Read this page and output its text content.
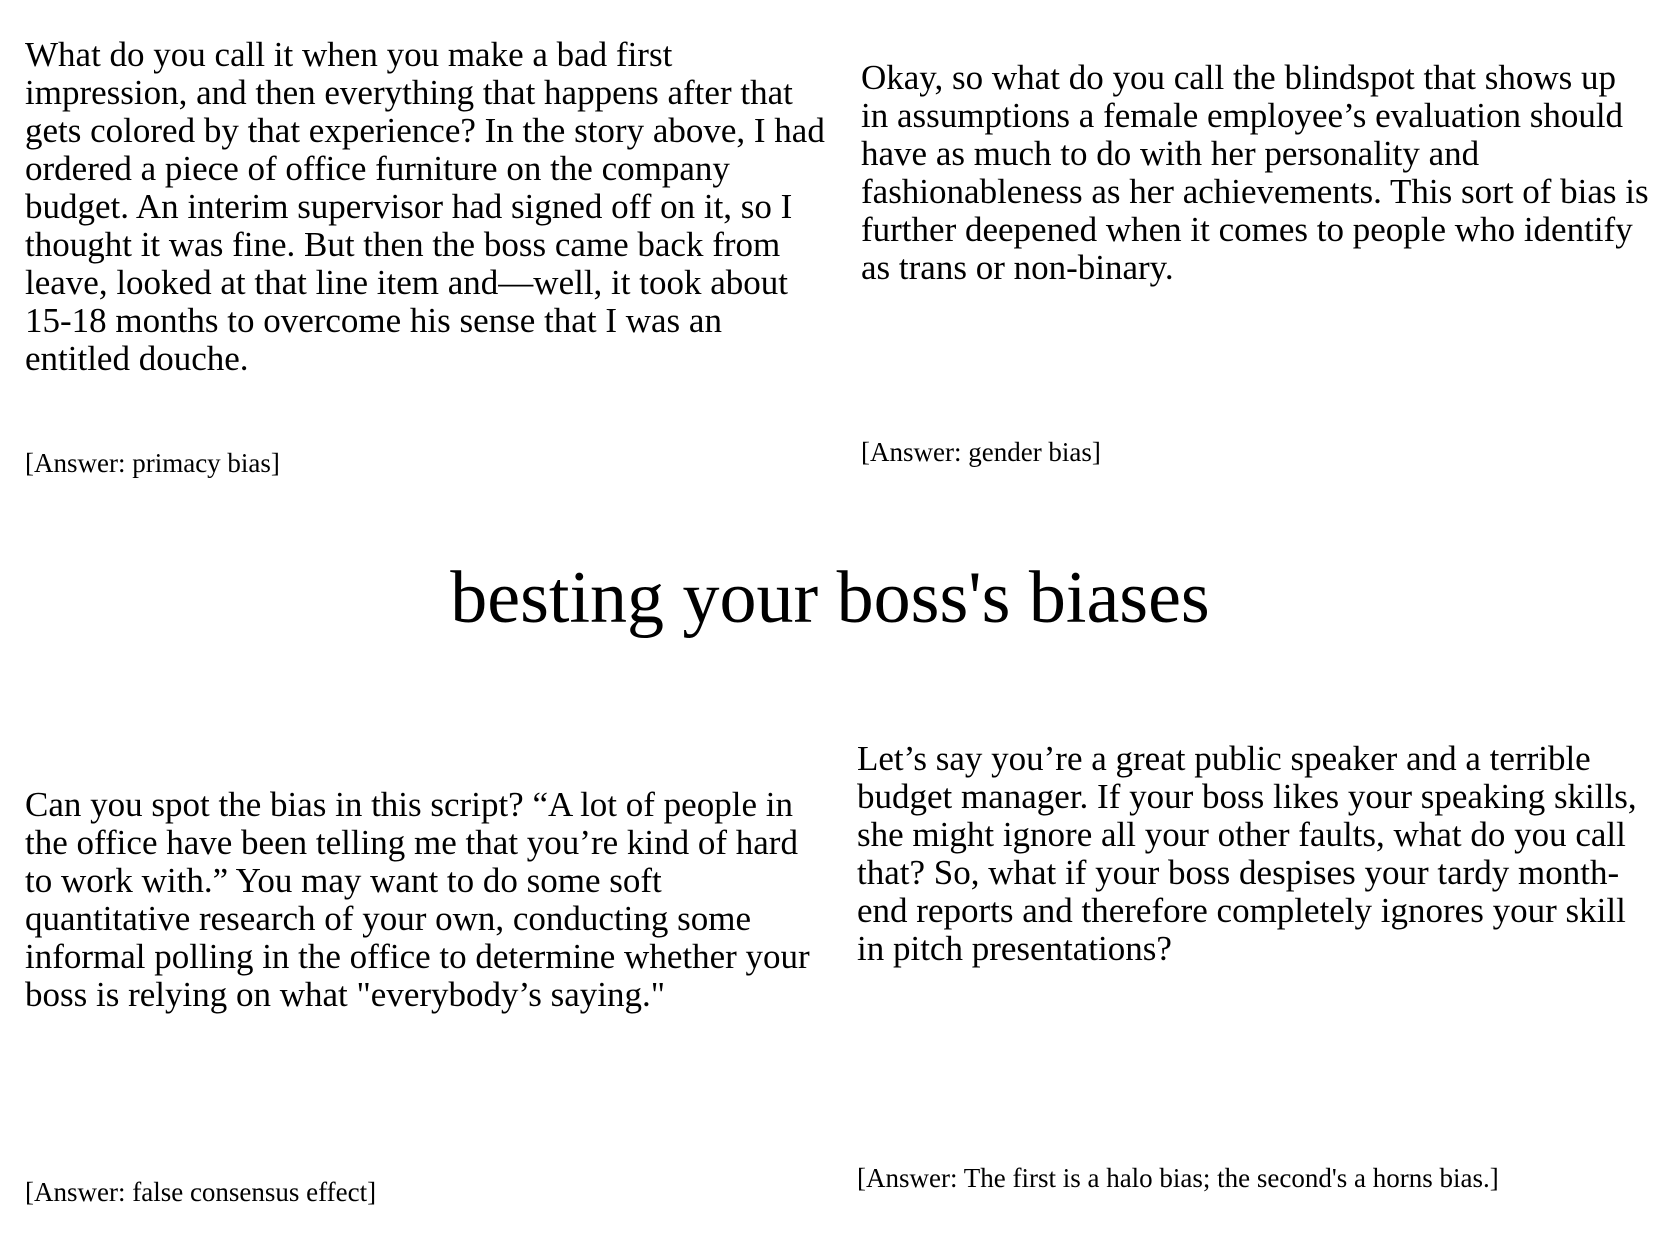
What do you call it when you make a bad first impression, and then everything that happens after that gets colored by that experience? In the story above, I had ordered a piece of office furniture on the company budget. An interim supervisor had signed off on it, so I thought it was fine. But then the boss came back from leave, looked at that line item and—well, it took about 15-18 months to overcome his sense that I was an entitled douche.

[Answer: primacy bias]

Okay, so what do you call the blindspot that shows up in assumptions a female employee’s evaluation should have as much to do with her personality and fashionableness as her achievements. This sort of bias is further deepened when it comes to people who identify as trans or non-binary.

[Answer: gender bias]

besting your boss's biases

Can you spot the bias in this script? “A lot of people in the office have been telling me that you’re kind of hard to work with.” You may want to do some soft quantitative research of your own, conducting some informal polling in the office to determine whether your boss is relying on what "everybody’s saying."

[Answer: false consensus effect]

Let’s say you’re a great public speaker and a terrible budget manager. If your boss likes your speaking skills, she might ignore all your other faults, what do you call that? So, what if your boss despises your tardy month-end reports and therefore completely ignores your skill in pitch presentations?

[Answer: The first is a halo bias; the second's a horns bias.]
